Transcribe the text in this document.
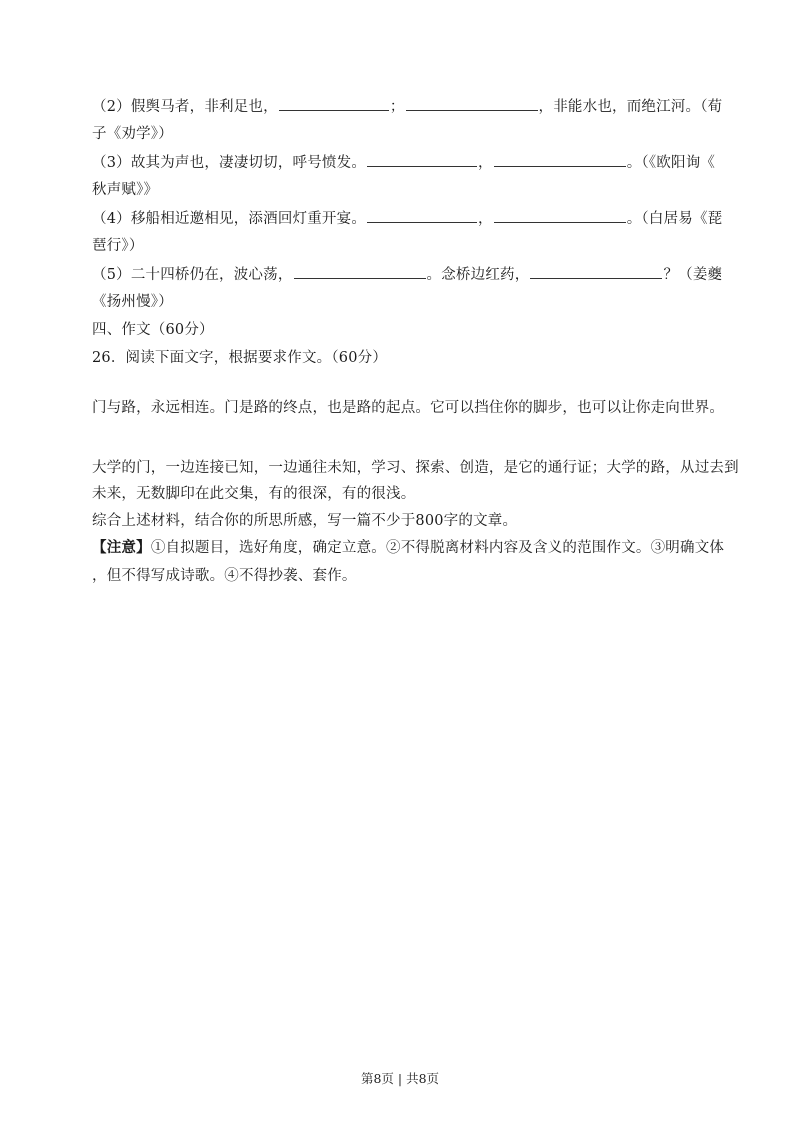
（2）假舆马者，非利足也，	；	，非能水也，而绝江河。（荀
子《劝学》）
（3）故其为声也，凄凄切切，呼号愤发。	，	。（《欧阳询《
秋声赋》》
（4）移船相近邀相见，添酒回灯重开宴。	，	。（白居易《琵
琶行》）
（5）二十四桥仍在，波心荡，	。念桥边红药，	？（姜夔
《扬州慢》）
四、作文（60分）
26．阅读下面文字，根据要求作文。（60分）
门与路，永远相连。门是路的终点，也是路的起点。它可以挡住你的脚步，也可以让你走向世界。
大学的门，一边连接已知，一边通往未知，学习、探索、创造，是它的通行证；大学的路，从过去到
未来，无数脚印在此交集，有的很深，有的很浅。
综合上述材料，结合你的所思所感，写一篇不少于800字的文章。
【注意】①自拟题目，选好角度，确定立意。②不得脱离材料内容及含义的范围作文。③明确文体
，但不得写成诗歌。④不得抄袭、套作。
第8页 | 共8页
